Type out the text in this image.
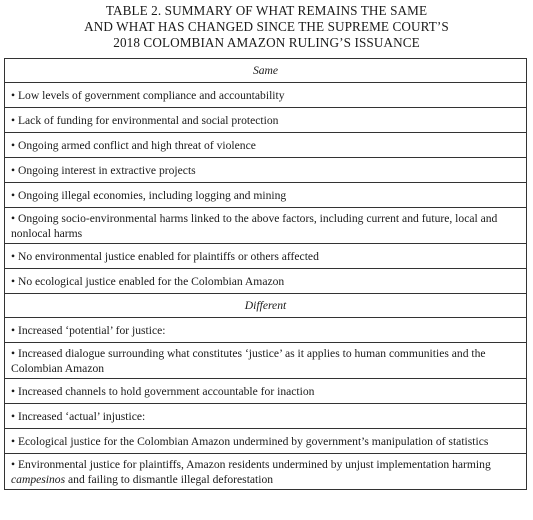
TABLE 2. SUMMARY OF WHAT REMAINS THE SAME
AND WHAT HAS CHANGED SINCE THE SUPREME COURT’S
2018 COLOMBIAN AMAZON RULING’S ISSUANCE
Same
• Low levels of government compliance and accountability
• Lack of funding for environmental and social protection
• Ongoing armed conflict and high threat of violence
• Ongoing interest in extractive projects
• Ongoing illegal economies, including logging and mining
• Ongoing socio-environmental harms linked to the above factors, including current and future, local and nonlocal harms
• No environmental justice enabled for plaintiffs or others affected
• No ecological justice enabled for the Colombian Amazon
Different
• Increased ‘potential’ for justice:
• Increased dialogue surrounding what constitutes ‘justice’ as it applies to human communities and the Colombian Amazon
• Increased channels to hold government accountable for inaction
• Increased ‘actual’ injustice:
• Ecological justice for the Colombian Amazon undermined by government’s manipulation of statistics
• Environmental justice for plaintiffs, Amazon residents undermined by unjust implementation harming campesinos and failing to dismantle illegal deforestation
